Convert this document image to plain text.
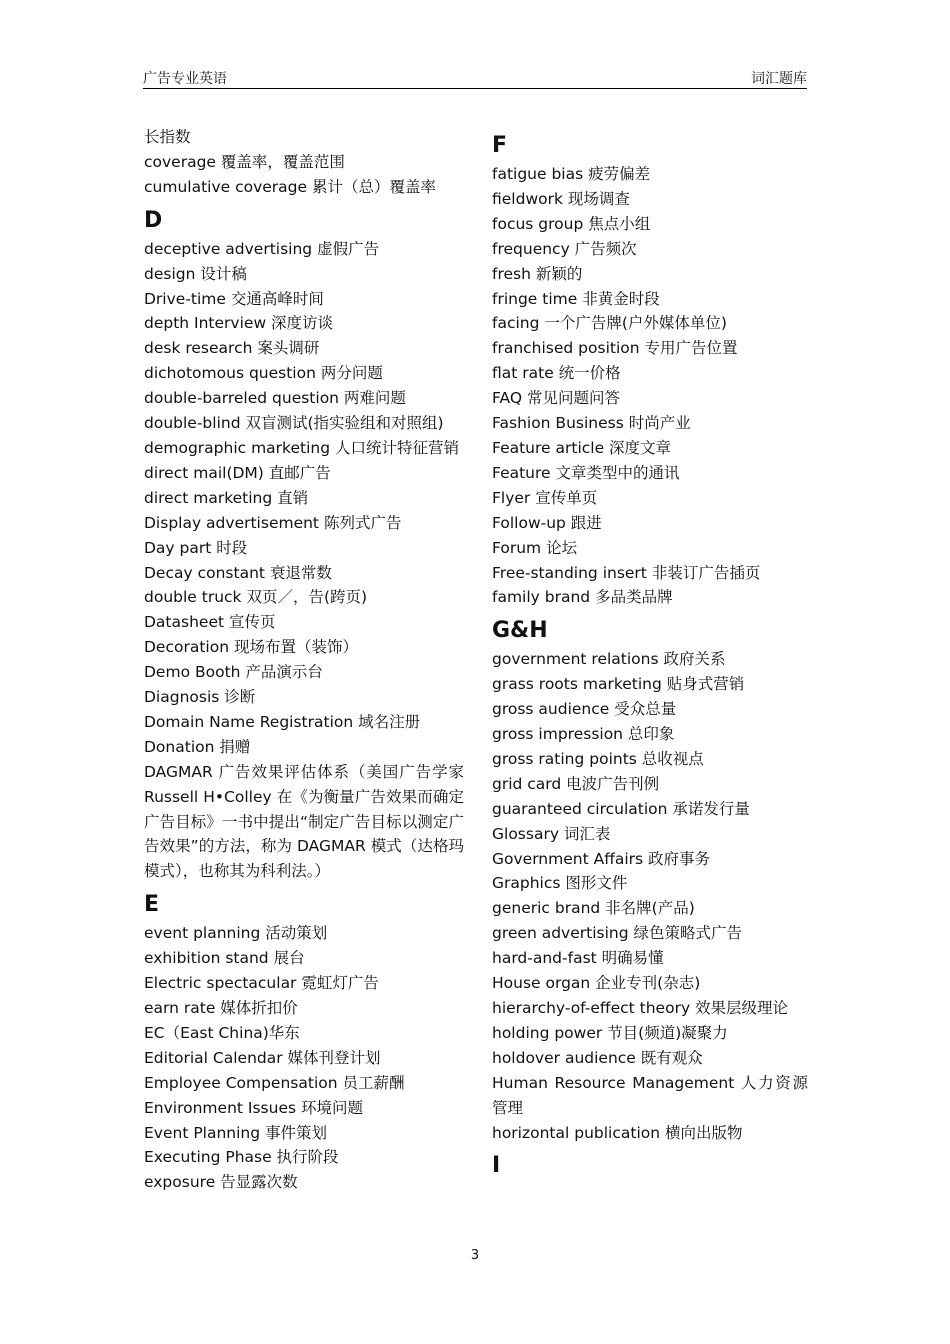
广告专业英语	词汇题库
长指数
coverage 覆盖率，覆盖范围
cumulative coverage 累计（总）覆盖率
D
deceptive advertising 虚假广告
design 设计稿
Drive-time 交通高峰时间
depth Interview 深度访谈
desk research 案头调研
dichotomous question 两分问题
double-barreled question 两难问题
double-blind 双盲测试(指实验组和对照组)
demographic marketing 人口统计特征营销
direct mail(DM) 直邮广告
direct marketing 直销
Display advertisement 陈列式广告
Day part 时段
Decay constant 衰退常数
double truck 双页／，告(跨页)
Datasheet 宣传页
Decoration 现场布置（装饰）
Demo Booth 产品演示台
Diagnosis 诊断
Domain Name Registration 域名注册
Donation 捐赠
DAGMAR 广告效果评估体系（美国广告学家 Russell H•Colley 在《为衡量广告效果而确定广告目标》一书中提出“制定广告目标以测定广告效果”的方法，称为 DAGMAR 模式（达格玛模式），也称其为科利法。）
E
event planning 活动策划
exhibition stand 展台
Electric spectacular 霓虹灯广告
earn rate 媒体折扣价
EC（East China)华东
Editorial Calendar 媒体刊登计划
Employee Compensation 员工薪酬
Environment Issues 环境问题
Event Planning 事件策划
Executing Phase 执行阶段
exposure 告显露次数
F
fatigue bias 疲劳偏差
fieldwork 现场调查
focus group 焦点小组
frequency 广告频次
fresh 新颖的
fringe time 非黄金时段
facing 一个广告牌(户外媒体单位)
franchised position 专用广告位置
flat rate 统一价格
FAQ 常见问题问答
Fashion Business 时尚产业
Feature article 深度文章
Feature 文章类型中的通讯
Flyer 宣传单页
Follow-up 跟进
Forum 论坛
Free-standing insert 非装订广告插页
family brand 多品类品牌
G&H
government relations 政府关系
grass roots marketing 贴身式营销
gross audience 受众总量
gross impression 总印象
gross rating points 总收视点
grid card 电波广告刊例
guaranteed circulation 承诺发行量
Glossary 词汇表
Government Affairs 政府事务
Graphics 图形文件
generic brand 非名牌(产品)
green advertising 绿色策略式广告
hard-and-fast 明确易懂
House organ 企业专刊(杂志)
hierarchy-of-effect theory 效果层级理论
holding power 节目(频道)凝聚力
holdover audience 既有观众
Human Resource Management 人力资源管理
horizontal publication 横向出版物
I
3
